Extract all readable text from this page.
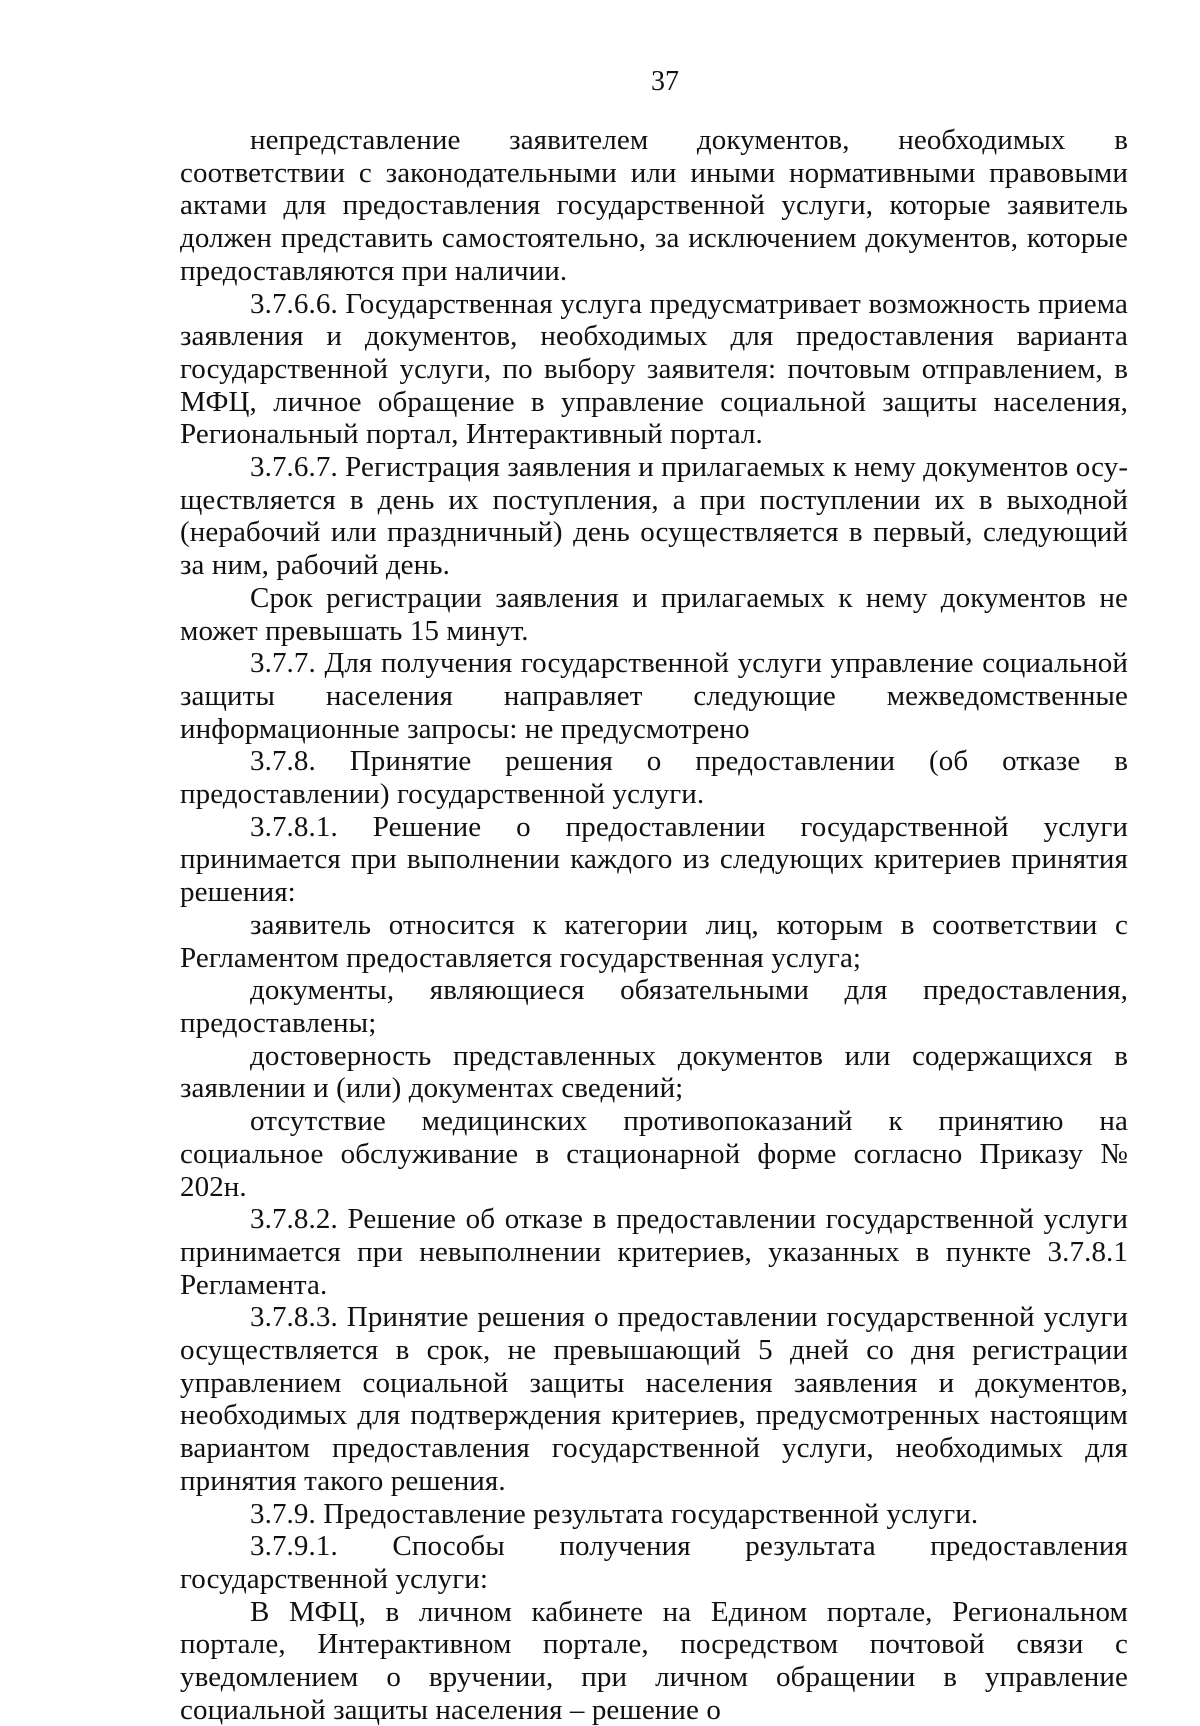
37

непредставление заявителем документов, необходимых в соответствии с законодательными или иными нормативными правовыми актами для предоставления государственной услуги, которые заявитель должен представить самостоятельно, за исключением документов, которые предоставляются при наличии.

3.7.6.6. Государственная услуга предусматривает возможность приема заявления и документов, необходимых для предоставления варианта государственной услуги, по выбору заявителя: почтовым отправлением, в МФЦ, личное обращение в управление социальной защиты населения, Региональный портал, Интерактивный портал.

3.7.6.7. Регистрация заявления и прилагаемых к нему документов осуществляется в день их поступления, а при поступлении их в выходной (нерабочий или праздничный) день осуществляется в первый, следующий за ним, рабочий день.

Срок регистрации заявления и прилагаемых к нему документов не может превышать 15 минут.

3.7.7. Для получения государственной услуги управление социальной защиты населения направляет следующие межведомственные информационные запросы: не предусмотрено

3.7.8. Принятие решения о предоставлении (об отказе в предоставлении) государственной услуги.

3.7.8.1. Решение о предоставлении государственной услуги принимается при выполнении каждого из следующих критериев принятия решения:

заявитель относится к категории лиц, которым в соответствии с Регламентом предоставляется государственная услуга;

документы, являющиеся обязательными для предоставления, предоставлены;

достоверность представленных документов или содержащихся в заявлении и (или) документах сведений;

отсутствие медицинских противопоказаний к принятию на социальное обслуживание в стационарной форме согласно Приказу № 202н.

3.7.8.2. Решение об отказе в предоставлении государственной услуги принимается при невыполнении критериев, указанных в пункте 3.7.8.1 Регламента.

3.7.8.3. Принятие решения о предоставлении государственной услуги осуществляется в срок, не превышающий 5 дней со дня регистрации управлением социальной защиты населения заявления и документов, необходимых для подтверждения критериев, предусмотренных настоящим вариантом предоставления государственной услуги, необходимых для принятия такого решения.

3.7.9. Предоставление результата государственной услуги.

3.7.9.1. Способы получения результата предоставления государственной услуги:

В МФЦ, в личном кабинете на Едином портале, Региональном портале, Интерактивном портале, посредством почтовой связи с уведомлением о вручении, при личном обращении в управление социальной защиты населения – решение о
